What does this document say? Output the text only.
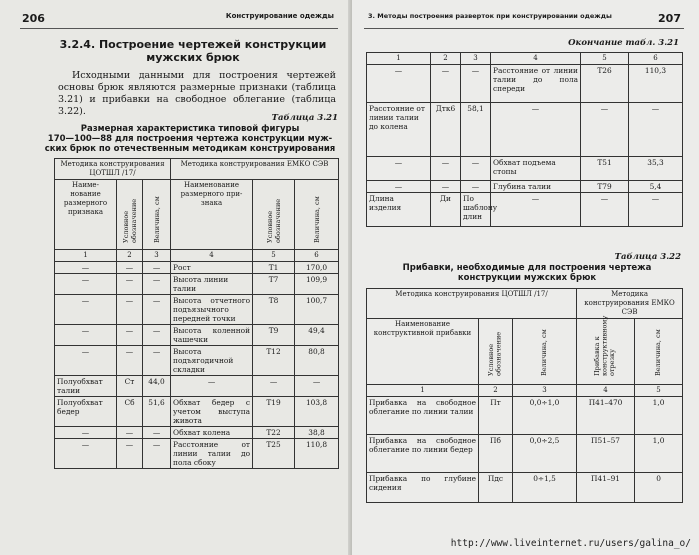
206	Конструирование одежды
3.2.4. Построение чертежей конструкции
мужских брюк
Исходными данными для построения чертежей основы брюк являются размерные признаки (таблица 3.21) и прибавки на свободное облегание (таблица 3.22).
Таблица 3.21
Размерная характеристика типовой фигуры
170—100—88 для построения чертежа конструкции муж-
ских брюк по отечественным методикам конструирования
Методика конструирования ЦОТШЛ /17/			Методика конструирования ЕМКО СЭВ		
Наиме-нование размерного признака	Условное обозначение	Величина, см	Наименование размерного при-знака	Условное обозначение	Величина, см

1	2	3	4	5	6
—	—	—	Рост	T1	170,0
—	—	—	Высота линии талии	T7	109,9
—	—	—	Высота отчетного подъязычного передней точки	T8	100,7
—	—	—	Высота коленной чашечки	T9	49,4
—	—	—	Высота подъягодичной складки	T12	80,8
Полуобхват талии	Ст	44,0	—	—	—
Полуобхват бедер	Сб	51,6	Обхват бедер с учетом выступа живота	T19	103,8
—	—	—	Обхват колена	T22	38,8
—	—	—	Расстояние от линии талии до пола сбоку	T25	110,8
3. Методы построения разверток при конструировании одежды	207
Окончание табл. 3.21
1	2	3	4	5	6
—	—	—	Расстояние от линии талии до пола спереди	T26	110,3
Расстояние от линии талии до колена	Дтк6	58,1	—	—	—
—	—	—	Обхват подъема стопы	T51	35,3
—	—	—	Глубина талии	T79	5,4
Длина изделия	Ди	По шаблону длин	—	—	—
Таблица 3.22
Прибавки, необходимые для построения чертежа
конструкции мужских брюк
Методика конструирования ЦОТШЛ /17/			Методика конструирования ЕМКО СЭВ	
Наименование конструктивной прибавки	Условное обозначение	Величина, см	Прибавка к конструктивному отрезку	Величина, см

1	2	3	4	5
Прибавка на свободное облегание по линии талии	Пт	0,0÷1,0	П41–470	1,0
Прибавка на свободное облегание по линии бедер	Пб	0,0÷2,5	П51–57	1,0
Прибавка по глубине сидения	Пдс	0÷1,5	П41–91	0
http://www.liveinternet.ru/users/galina_o/
